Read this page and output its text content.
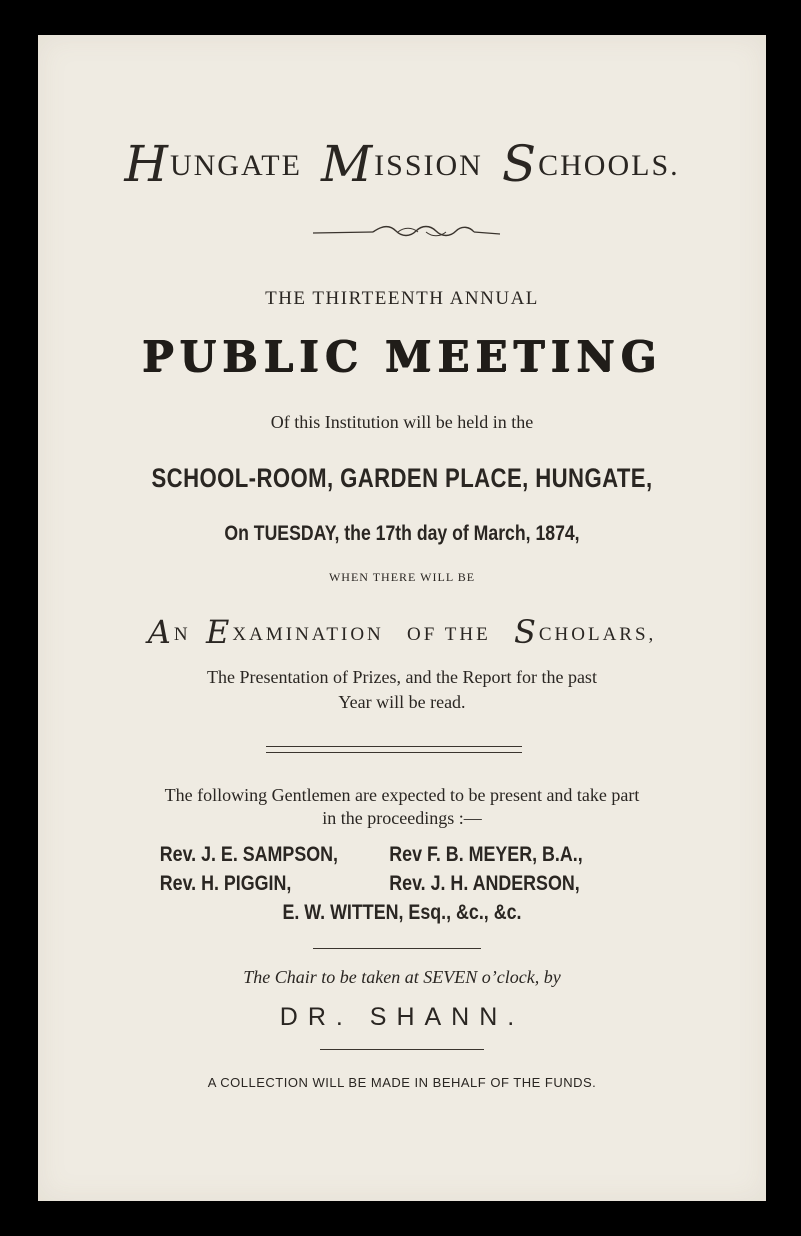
HUNGATE MISSION SCHOOLS.
THE THIRTEENTH ANNUAL
PUBLIC MEETING
Of this Institution will be held in the
SCHOOL-ROOM, GARDEN PLACE, HUNGATE,
On TUESDAY, the 17th day of March, 1874,
WHEN THERE WILL BE
AN EXAMINATION OF THE SCHOLARS,
The Presentation of Prizes, and the Report for the past
Year will be read.
The following Gentlemen are expected to be present and take part
in the proceedings :—
Rev. J. E. SAMPSON, Rev F. B. MEYER, B.A.,
Rev. H. PIGGIN,	Rev. J. H. ANDERSON,
E. W. WITTEN, Esq., &c., &c.
The Chair to be taken at SEVEN o’clock, by
DR. SHANN.
A COLLECTION WILL BE MADE IN BEHALF OF THE FUNDS.
